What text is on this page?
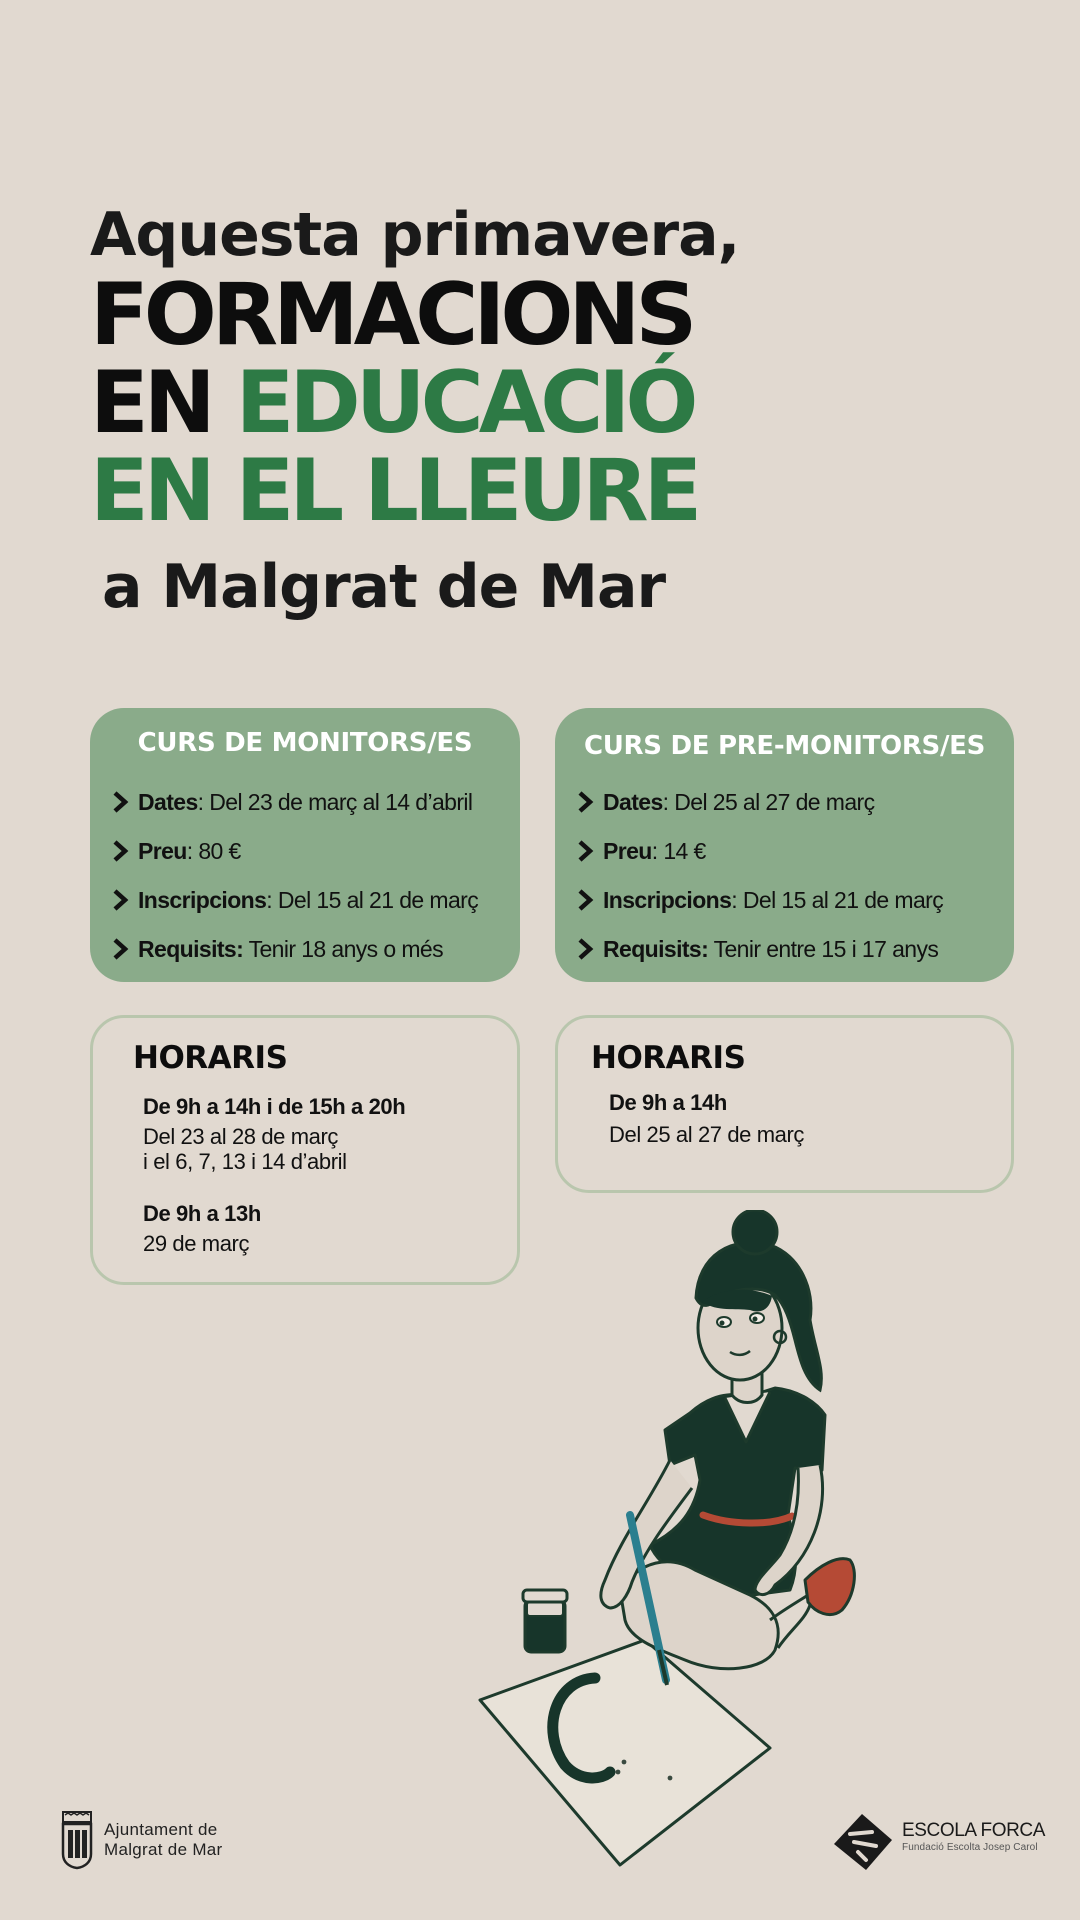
Aquesta primavera,
FORMACIONS
EN EDUCACIÓ
EN EL LLEURE
a Malgrat de Mar
CURS DE MONITORS/ES
Dates: Del 23 de març al 14 d’abril
Preu: 80 €
Inscripcions: Del 15 al 21 de març
Requisits: Tenir 18 anys o més
CURS DE PRE-MONITORS/ES
Dates: Del 25 al 27 de març
Preu: 14 €
Inscripcions: Del 15 al 21 de març
Requisits: Tenir entre 15 i 17 anys
HORARIS
De 9h a 14h i de 15h a 20h
Del 23 al 28 de març
i el 6, 7, 13 i 14 d’abril
De 9h a 13h
29 de març
HORARIS
De 9h a 14h
Del 25 al 27 de març
Ajuntament de
Malgrat de Mar
ESCOLA FORCA
Fundació Escolta Josep Carol
